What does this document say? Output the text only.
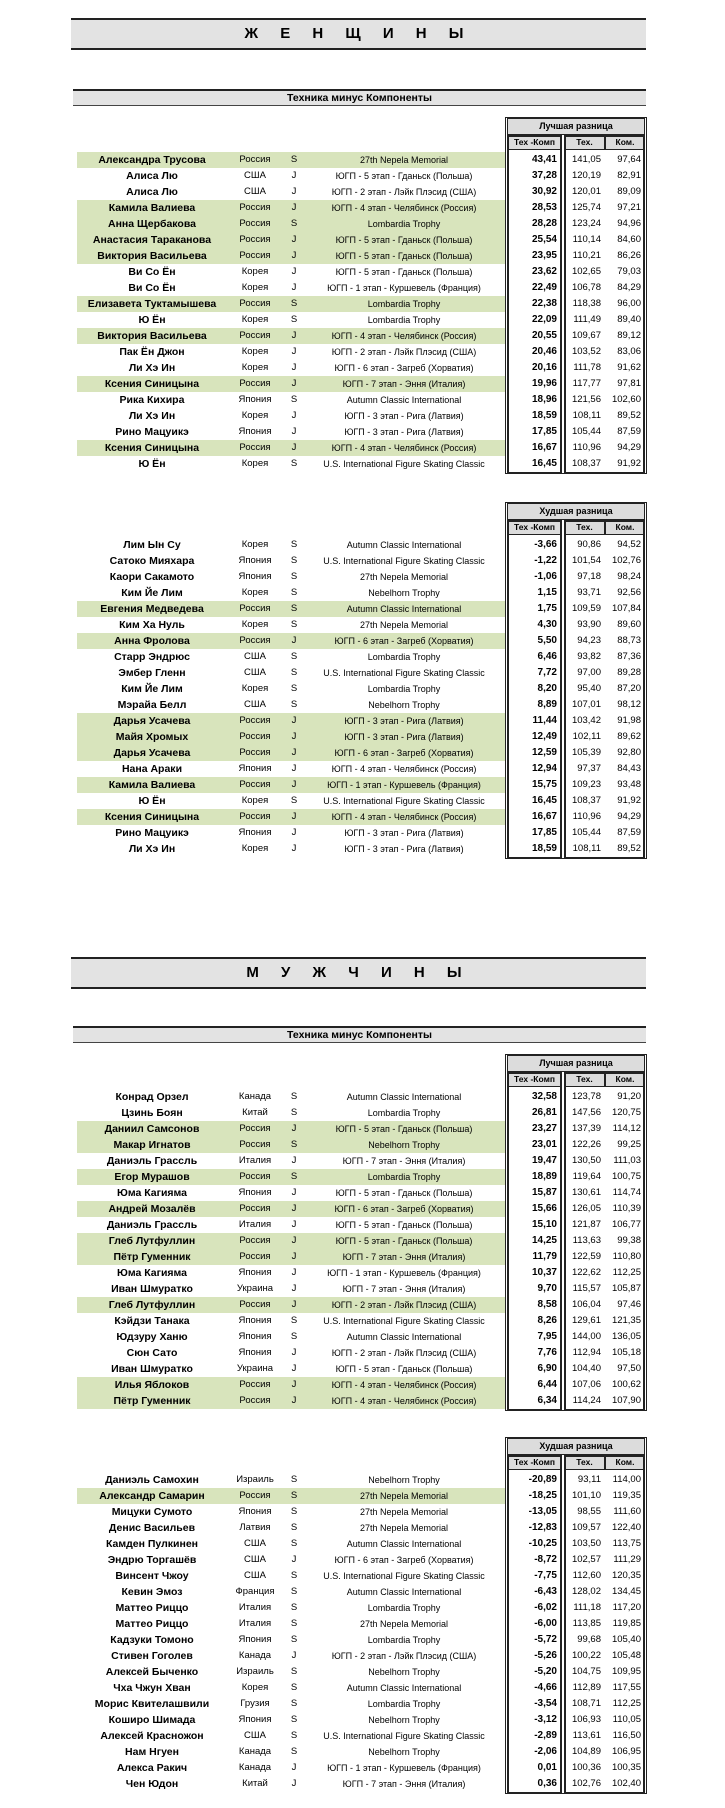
Ж Е Н Щ И Н Ы
Техника минус Компоненты
М У Ж Ч И Н Ы
Техника минус Компоненты
Лучшая разница
Тех -Комп	Тех.	Ком.
Александра Трусова	Россия	S	27th Nepela Memorial	43,41	141,05	97,64
Алиса Лю	США	J	ЮГП - 5 этап - Гданьск (Польша)	37,28	120,19	82,91
Алиса Лю	США	J	ЮГП - 2 этап - Лэйк Плэсид (США)	30,92	120,01	89,09
Камила Валиева	Россия	J	ЮГП - 4 этап - Челябинск (Россия)	28,53	125,74	97,21
Анна Щербакова	Россия	S	Lombardia Trophy	28,28	123,24	94,96
Анастасия Тараканова	Россия	J	ЮГП - 5 этап - Гданьск (Польша)	25,54	110,14	84,60
Виктория Васильева	Россия	J	ЮГП - 5 этап - Гданьск (Польша)	23,95	110,21	86,26
Ви Со Ён	Корея	J	ЮГП - 5 этап - Гданьск (Польша)	23,62	102,65	79,03
Ви Со Ён	Корея	J	ЮГП - 1 этап - Куршевель (Франция)	22,49	106,78	84,29
Елизавета Туктамышева	Россия	S	Lombardia Trophy	22,38	118,38	96,00
Ю Ён	Корея	S	Lombardia Trophy	22,09	111,49	89,40
Виктория Васильева	Россия	J	ЮГП - 4 этап - Челябинск (Россия)	20,55	109,67	89,12
Пак Ён Джон	Корея	J	ЮГП - 2 этап - Лэйк Плэсид (США)	20,46	103,52	83,06
Ли Хэ Ин	Корея	J	ЮГП - 6 этап - Загреб (Хорватия)	20,16	111,78	91,62
Ксения Синицына	Россия	J	ЮГП - 7 этап - Эння (Италия)	19,96	117,77	97,81
Рика Кихира	Япония	S	Autumn Classic International	18,96	121,56	102,60
Ли Хэ Ин	Корея	J	ЮГП - 3 этап - Рига (Латвия)	18,59	108,11	89,52
Рино Мацуикэ	Япония	J	ЮГП - 3 этап - Рига (Латвия)	17,85	105,44	87,59
Ксения Синицына	Россия	J	ЮГП - 4 этап - Челябинск (Россия)	16,67	110,96	94,29
Ю Ён	Корея	S	U.S. International Figure Skating Classic	16,45	108,37	91,92
Худшая разница
Тех -Комп	Тех.	Ком.
Лим Ын Су	Корея	S	Autumn Classic International	-3,66	90,86	94,52
Сатоко Мияхара	Япония	S	U.S. International Figure Skating Classic	-1,22	101,54	102,76
Каори Сакамото	Япония	S	27th Nepela Memorial	-1,06	97,18	98,24
Ким Йе Лим	Корея	S	Nebelhorn Trophy	1,15	93,71	92,56
Евгения Медведева	Россия	S	Autumn Classic International	1,75	109,59	107,84
Ким Ха Нуль	Корея	S	27th Nepela Memorial	4,30	93,90	89,60
Анна Фролова	Россия	J	ЮГП - 6 этап - Загреб (Хорватия)	5,50	94,23	88,73
Старр Эндрюс	США	S	Lombardia Trophy	6,46	93,82	87,36
Эмбер Гленн	США	S	U.S. International Figure Skating Classic	7,72	97,00	89,28
Ким Йе Лим	Корея	S	Lombardia Trophy	8,20	95,40	87,20
Мэрайа Белл	США	S	Nebelhorn Trophy	8,89	107,01	98,12
Дарья Усачева	Россия	J	ЮГП - 3 этап - Рига (Латвия)	11,44	103,42	91,98
Майя Хромых	Россия	J	ЮГП - 3 этап - Рига (Латвия)	12,49	102,11	89,62
Дарья Усачева	Россия	J	ЮГП - 6 этап - Загреб (Хорватия)	12,59	105,39	92,80
Нана Араки	Япония	J	ЮГП - 4 этап - Челябинск (Россия)	12,94	97,37	84,43
Камила Валиева	Россия	J	ЮГП - 1 этап - Куршевель (Франция)	15,75	109,23	93,48
Ю Ён	Корея	S	U.S. International Figure Skating Classic	16,45	108,37	91,92
Ксения Синицына	Россия	J	ЮГП - 4 этап - Челябинск (Россия)	16,67	110,96	94,29
Рино Мацуикэ	Япония	J	ЮГП - 3 этап - Рига (Латвия)	17,85	105,44	87,59
Ли Хэ Ин	Корея	J	ЮГП - 3 этап - Рига (Латвия)	18,59	108,11	89,52
Лучшая разница
Тех -Комп	Тех.	Ком.
Конрад Орзел	Канада	S	Autumn Classic International	32,58	123,78	91,20
Цзинь Боян	Китай	S	Lombardia Trophy	26,81	147,56	120,75
Даниил Самсонов	Россия	J	ЮГП - 5 этап - Гданьск (Польша)	23,27	137,39	114,12
Макар Игнатов	Россия	S	Nebelhorn Trophy	23,01	122,26	99,25
Даниэль Грассль	Италия	J	ЮГП - 7 этап - Эння (Италия)	19,47	130,50	111,03
Егор Мурашов	Россия	S	Lombardia Trophy	18,89	119,64	100,75
Юма Кагияма	Япония	J	ЮГП - 5 этап - Гданьск (Польша)	15,87	130,61	114,74
Андрей Мозалёв	Россия	J	ЮГП - 6 этап - Загреб (Хорватия)	15,66	126,05	110,39
Даниэль Грассль	Италия	J	ЮГП - 5 этап - Гданьск (Польша)	15,10	121,87	106,77
Глеб Лутфуллин	Россия	J	ЮГП - 5 этап - Гданьск (Польша)	14,25	113,63	99,38
Пётр Гуменник	Россия	J	ЮГП - 7 этап - Эння (Италия)	11,79	122,59	110,80
Юма Кагияма	Япония	J	ЮГП - 1 этап - Куршевель (Франция)	10,37	122,62	112,25
Иван Шмуратко	Украина	J	ЮГП - 7 этап - Эння (Италия)	9,70	115,57	105,87
Глеб Лутфуллин	Россия	J	ЮГП - 2 этап - Лэйк Плэсид (США)	8,58	106,04	97,46
Кэйдзи Танака	Япония	S	U.S. International Figure Skating Classic	8,26	129,61	121,35
Юдзуру Ханю	Япония	S	Autumn Classic International	7,95	144,00	136,05
Сюн Сато	Япония	J	ЮГП - 2 этап - Лэйк Плэсид (США)	7,76	112,94	105,18
Иван Шмуратко	Украина	J	ЮГП - 5 этап - Гданьск (Польша)	6,90	104,40	97,50
Илья Яблоков	Россия	J	ЮГП - 4 этап - Челябинск (Россия)	6,44	107,06	100,62
Пётр Гуменник	Россия	J	ЮГП - 4 этап - Челябинск (Россия)	6,34	114,24	107,90
Худшая разница
Тех -Комп	Тех.	Ком.
Даниэль Самохин	Израиль	S	Nebelhorn Trophy	-20,89	93,11	114,00
Александр Самарин	Россия	S	27th Nepela Memorial	-18,25	101,10	119,35
Мицуки Сумото	Япония	S	27th Nepela Memorial	-13,05	98,55	111,60
Денис Васильев	Латвия	S	27th Nepela Memorial	-12,83	109,57	122,40
Камден Пулкинен	США	S	Autumn Classic International	-10,25	103,50	113,75
Эндрю Торгашёв	США	J	ЮГП - 6 этап - Загреб (Хорватия)	-8,72	102,57	111,29
Винсент Чжоу	США	S	U.S. International Figure Skating Classic	-7,75	112,60	120,35
Кевин Эмоз	Франция	S	Autumn Classic International	-6,43	128,02	134,45
Маттео Риццо	Италия	S	Lombardia Trophy	-6,02	111,18	117,20
Маттео Риццо	Италия	S	27th Nepela Memorial	-6,00	113,85	119,85
Кадзуки Томоно	Япония	S	Lombardia Trophy	-5,72	99,68	105,40
Стивен Гоголев	Канада	J	ЮГП - 2 этап - Лэйк Плэсид (США)	-5,26	100,22	105,48
Алексей Быченко	Израиль	S	Nebelhorn Trophy	-5,20	104,75	109,95
Чха Чжун Хван	Корея	S	Autumn Classic International	-4,66	112,89	117,55
Морис Квителашвили	Грузия	S	Lombardia Trophy	-3,54	108,71	112,25
Коширо Шимада	Япония	S	Nebelhorn Trophy	-3,12	106,93	110,05
Алексей Красножон	США	S	U.S. International Figure Skating Classic	-2,89	113,61	116,50
Нам Нгуен	Канада	S	Nebelhorn Trophy	-2,06	104,89	106,95
Алекса Ракич	Канада	J	ЮГП - 1 этап - Куршевель (Франция)	0,01	100,36	100,35
Чен Юдон	Китай	J	ЮГП - 7 этап - Эння (Италия)	0,36	102,76	102,40
